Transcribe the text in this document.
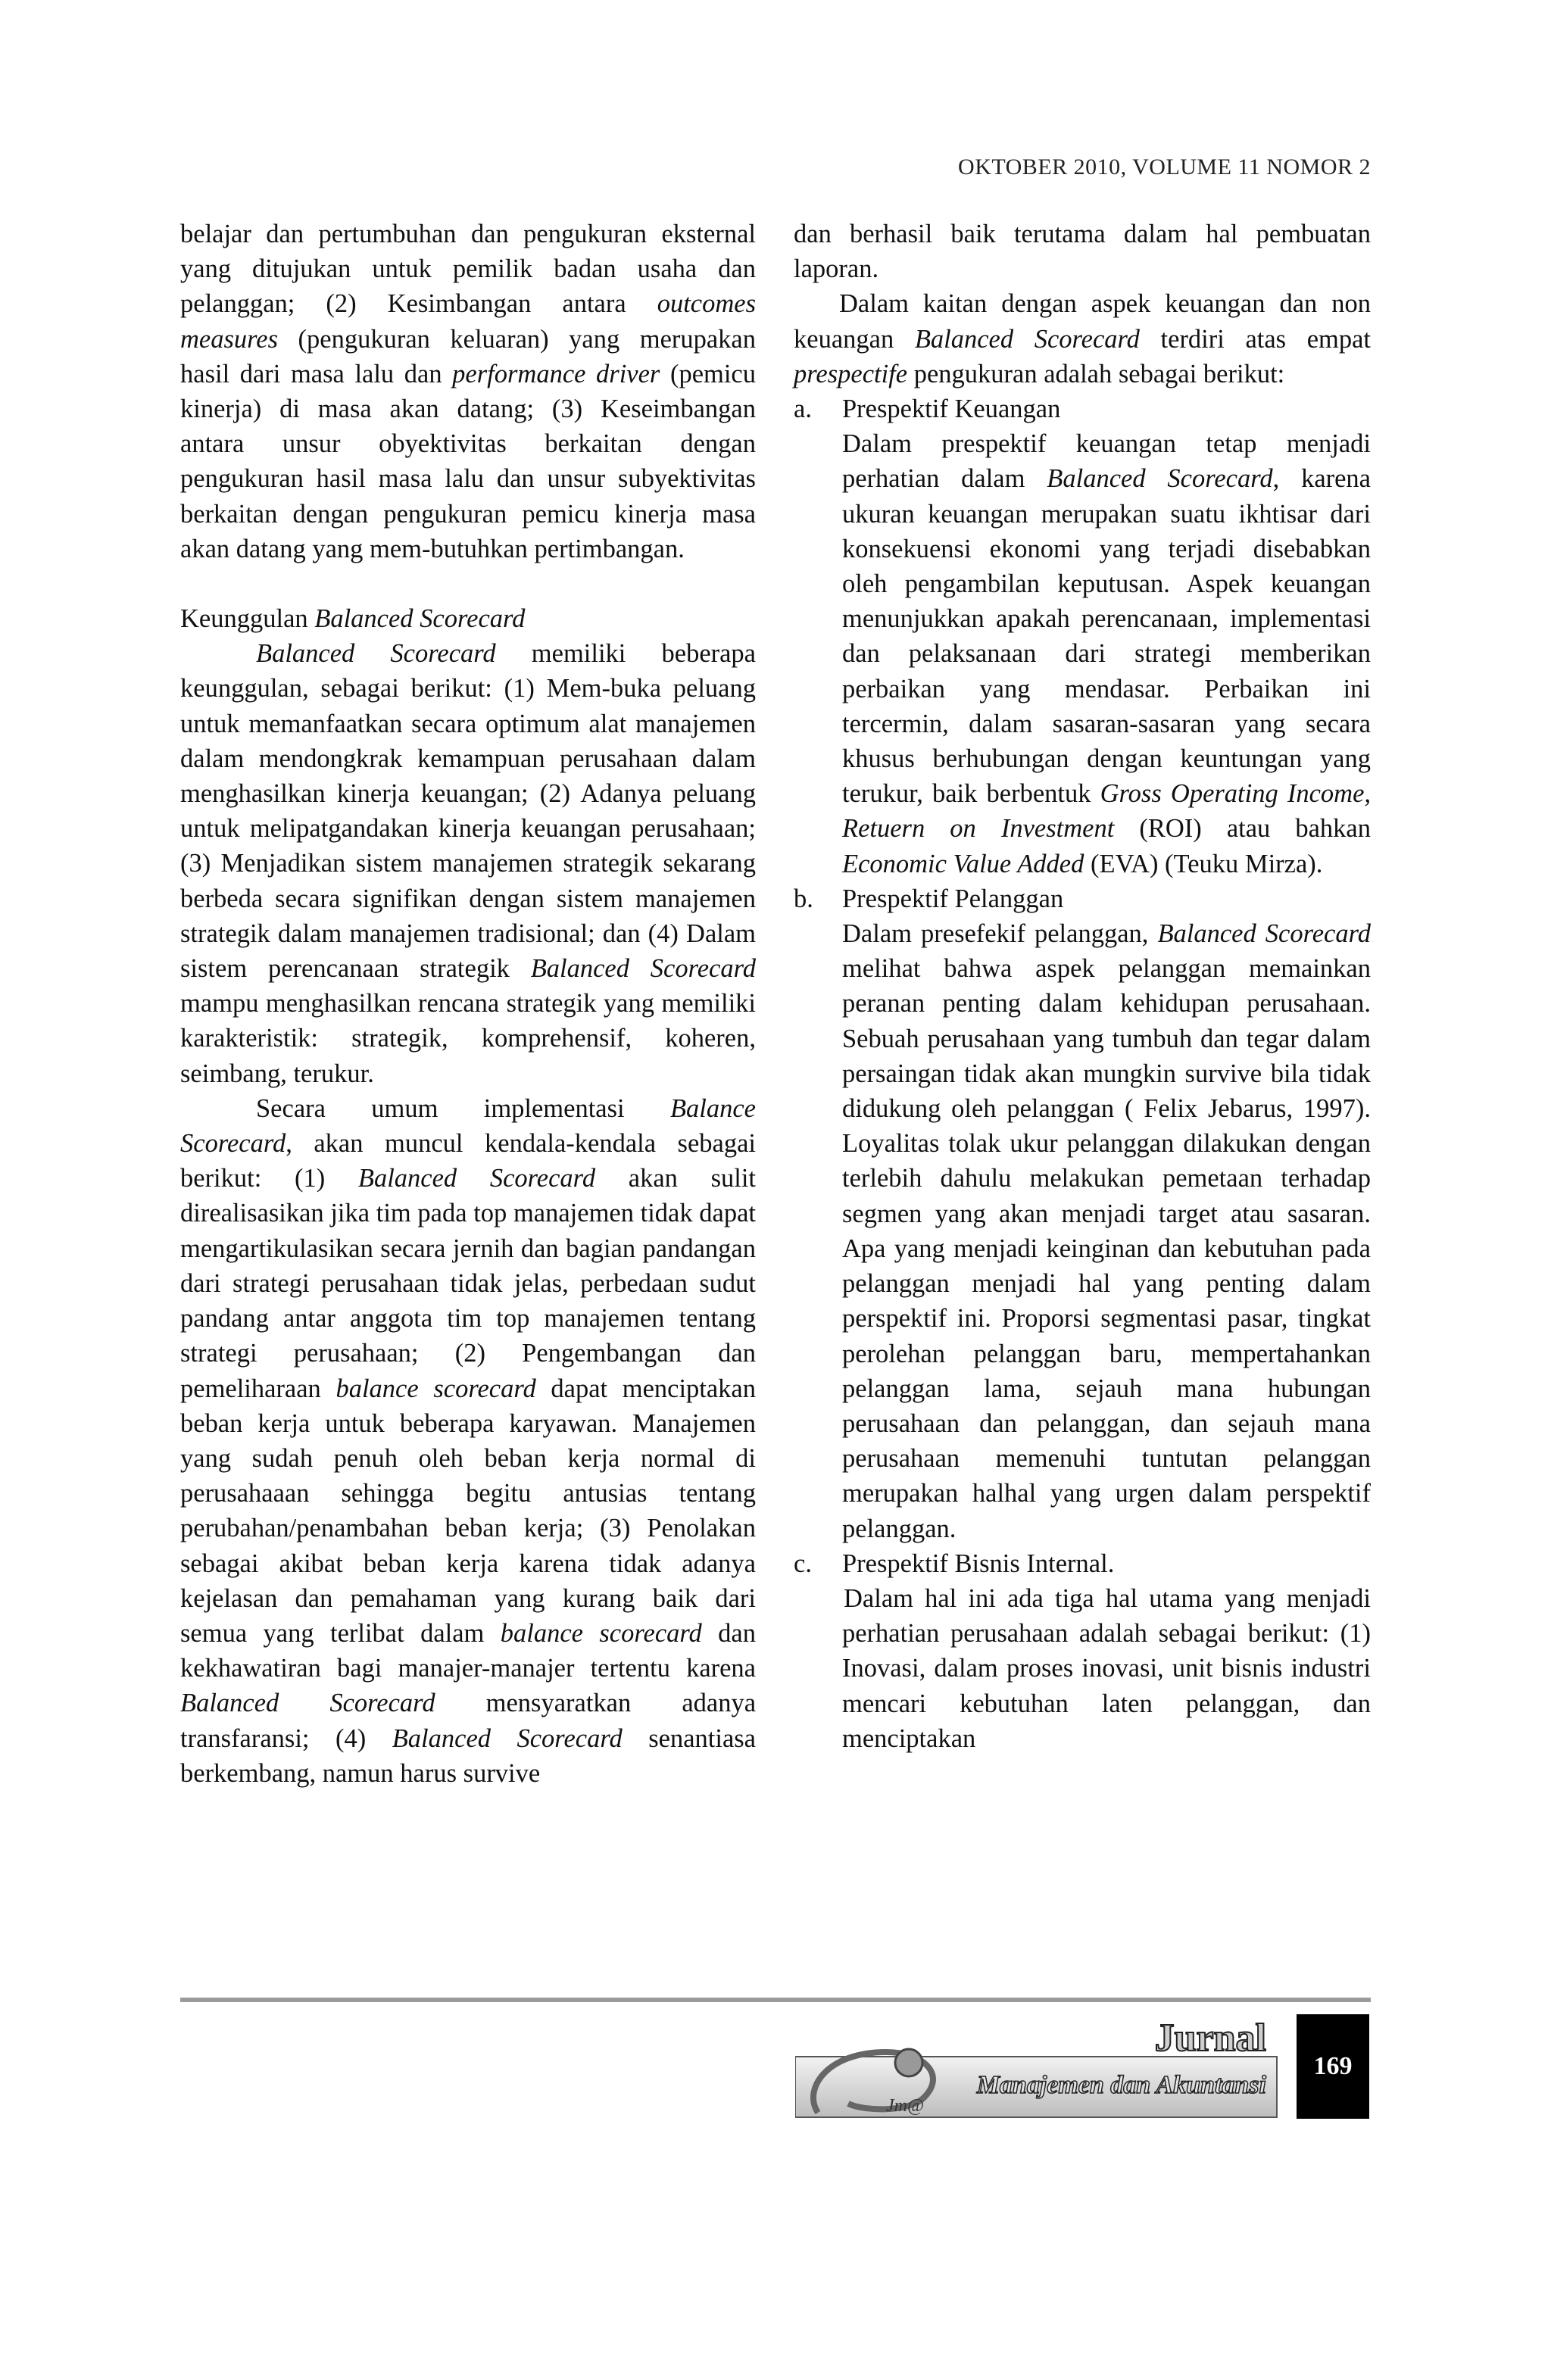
OKTOBER 2010, VOLUME 11 NOMOR 2

belajar dan pertumbuhan dan pengukuran eksternal yang ditujukan untuk pemilik badan usaha dan pelanggan; (2) Kesimbangan antara outcomes measures (pengukuran keluaran) yang merupakan hasil dari masa lalu dan performance driver (pemicu kinerja) di masa akan datang; (3) Keseimbangan antara unsur obyektivitas berkaitan dengan pengukuran hasil masa lalu dan unsur subyektivitas berkaitan dengan pengukuran pemicu kinerja masa akan datang yang mem-butuhkan pertimbangan.

Keunggulan Balanced Scorecard

Balanced Scorecard memiliki beberapa keunggulan, sebagai berikut: (1) Mem-buka peluang untuk memanfaatkan secara optimum alat manajemen dalam mendongkrak kemampuan perusahaan dalam menghasilkan kinerja keuangan; (2) Adanya peluang untuk melipatgandakan kinerja keuangan perusahaan; (3) Menjadikan sistem manajemen strategik sekarang berbeda secara signifikan dengan sistem manajemen strategik dalam manajemen tradisional; dan (4) Dalam sistem perencanaan strategik Balanced Scorecard mampu menghasilkan rencana strategik yang memiliki karakteristik: strategik, komprehensif, koheren, seimbang, terukur.

Secara umum implementasi Balance Scorecard, akan muncul kendala-kendala sebagai berikut: (1) Balanced Scorecard akan sulit direalisasikan jika tim pada top manajemen tidak dapat mengartikulasikan secara jernih dan bagian pandangan dari strategi perusahaan tidak jelas, perbedaan sudut pandang antar anggota tim top manajemen tentang strategi perusahaan; (2) Pengembangan dan pemeliharaan balance scorecard dapat menciptakan beban kerja untuk beberapa karyawan. Manajemen yang sudah penuh oleh beban kerja normal di perusahaaan sehingga begitu antusias tentang perubahan/penambahan beban kerja; (3) Penolakan sebagai akibat beban kerja karena tidak adanya kejelasan dan pemahaman yang kurang baik dari semua yang terlibat dalam balance scorecard dan kekhawatiran bagi manajer-manajer tertentu karena Balanced Scorecard mensyaratkan adanya transfaransi; (4) Balanced Scorecard senantiasa berkembang, namun harus survive

dan berhasil baik terutama dalam hal pembuatan laporan.

Dalam kaitan dengan aspek keuangan dan non keuangan Balanced Scorecard terdiri atas empat prespectife pengukuran adalah sebagai berikut:

a. Prespektif Keuangan

Dalam prespektif keuangan tetap menjadi perhatian dalam Balanced Scorecard, karena ukuran keuangan merupakan suatu ikhtisar dari konsekuensi ekonomi yang terjadi disebabkan oleh pengambilan keputusan. Aspek keuangan menunjukkan apakah perencanaan, implementasi dan pelaksanaan dari strategi memberikan perbaikan yang mendasar. Perbaikan ini tercermin, dalam sasaran-sasaran yang secara khusus berhubungan dengan keuntungan yang terukur, baik berbentuk Gross Operating Income, Retuern on Investment (ROI) atau bahkan Economic Value Added (EVA) (Teuku Mirza).

b. Prespektif Pelanggan

Dalam presefekif pelanggan, Balanced Scorecard melihat bahwa aspek pelanggan memainkan peranan penting dalam kehidupan perusahaan. Sebuah perusahaan yang tumbuh dan tegar dalam persaingan tidak akan mungkin survive bila tidak didukung oleh pelanggan ( Felix Jebarus, 1997). Loyalitas tolak ukur pelanggan dilakukan dengan terlebih dahulu melakukan pemetaan terhadap segmen yang akan menjadi target atau sasaran. Apa yang menjadi keinginan dan kebutuhan pada pelanggan menjadi hal yang penting dalam perspektif ini. Proporsi segmentasi pasar, tingkat perolehan pelanggan baru, mempertahankan pelanggan lama, sejauh mana hubungan perusahaan dan pelanggan, dan sejauh mana perusahaan memenuhi tuntutan pelanggan merupakan halhal yang urgen dalam perspektif pelanggan.

c. Prespektif Bisnis Internal.

Dalam hal ini ada tiga hal utama yang menjadi perhatian perusahaan adalah sebagai berikut: (1) Inovasi, dalam proses inovasi, unit bisnis industri mencari kebutuhan laten pelanggan, dan menciptakan

Jm@
Jurnal
Manajemen dan Akuntansi
169
